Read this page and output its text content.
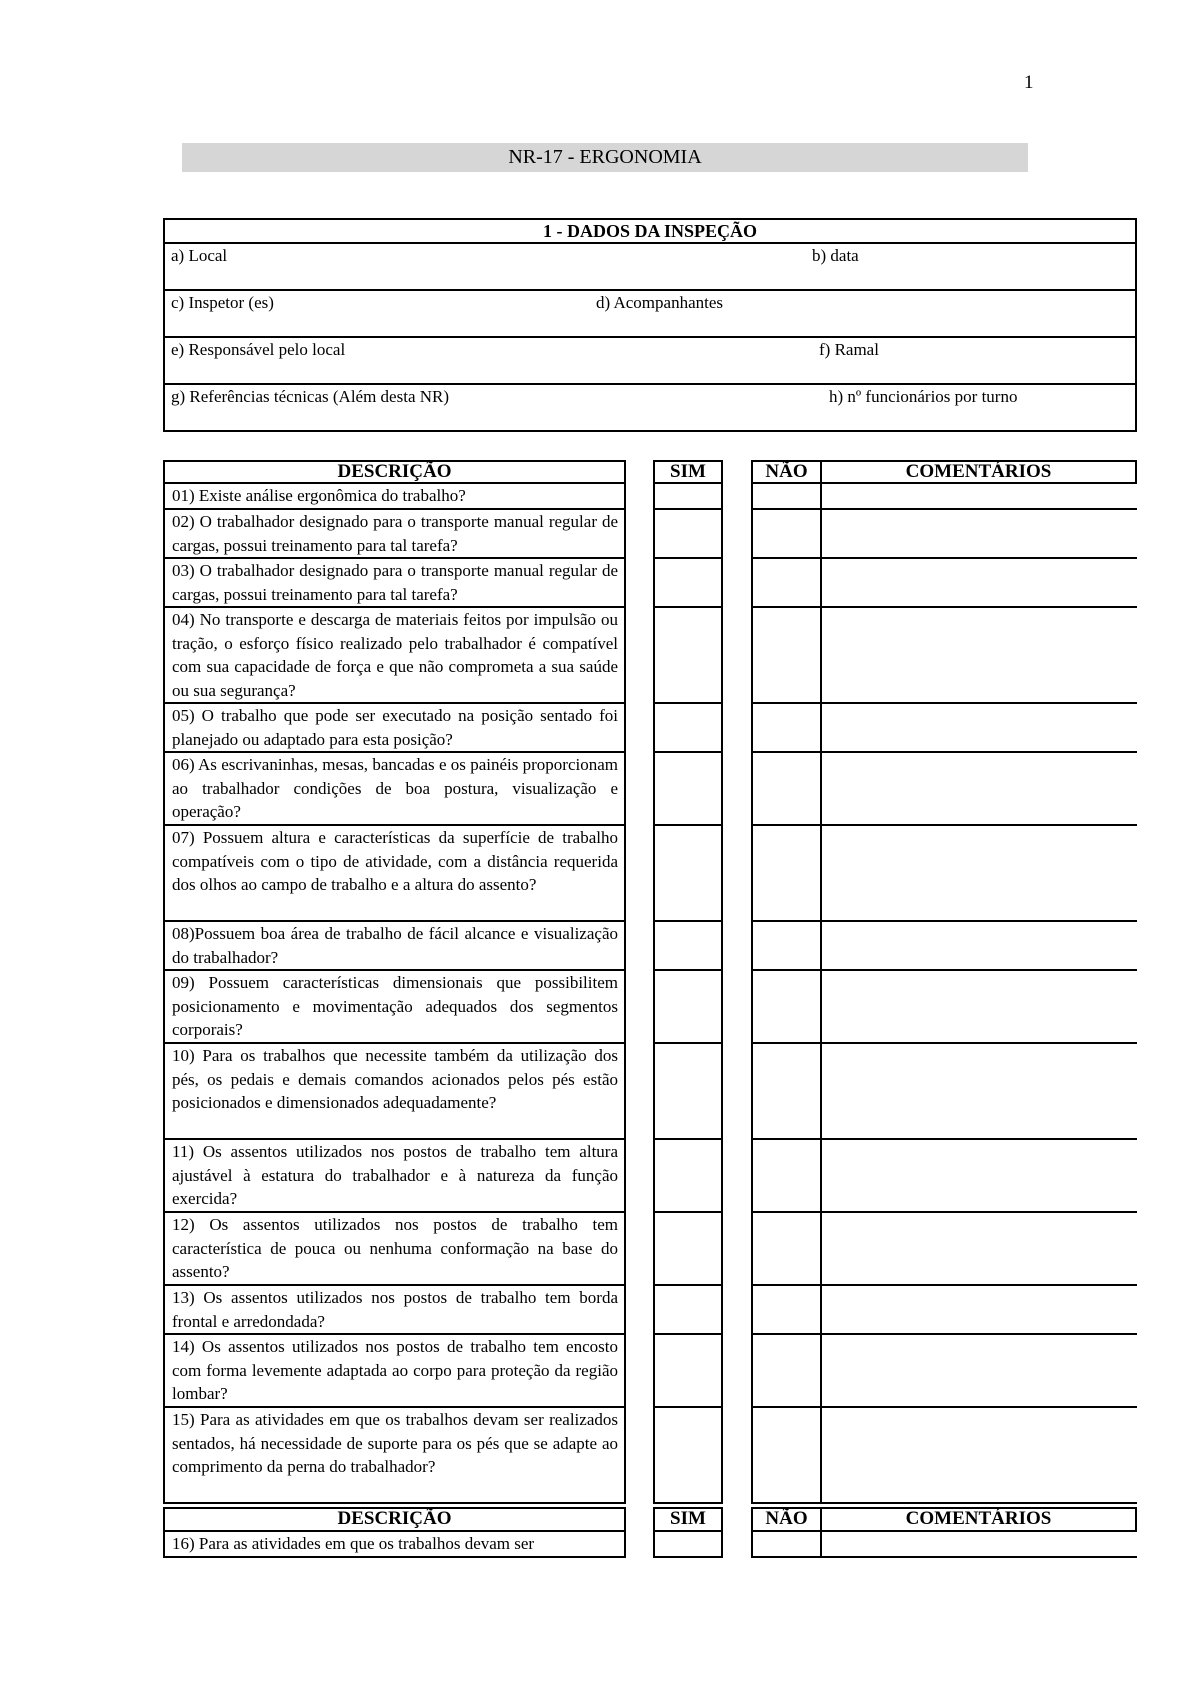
1
NR-17 - ERGONOMIA
1 - DADOS DA INSPEÇÃO
a) Local	b) data
c) Inspetor (es)	d) Acompanhantes
e) Responsável pelo local	f) Ramal
g) Referências técnicas (Além desta NR)	h) nº funcionários por turno
DESCRIÇÃO	SIM	NÃO	COMENTÁRIOS
01) Existe análise ergonômica do trabalho?
02) O trabalhador designado para o transporte manual regular de cargas, possui treinamento para tal tarefa?
03) O trabalhador designado para o transporte manual regular de cargas, possui treinamento para tal tarefa?
04) No transporte e descarga de materiais feitos por impulsão ou tração, o esforço físico realizado pelo trabalhador é compatível com sua capacidade de força e que não comprometa a sua saúde ou sua segurança?
05) O trabalho que pode ser executado na posição sentado foi planejado ou adaptado para esta posição?
06) As escrivaninhas, mesas, bancadas e os painéis proporcionam ao trabalhador condições de boa postura, visualização e operação?
07) Possuem altura e características da superfície de trabalho compatíveis com o tipo de atividade, com a distância requerida dos olhos ao campo de trabalho e a altura do assento?
08)Possuem boa área de trabalho de fácil alcance e visualização do trabalhador?
09) Possuem características dimensionais que possibilitem posicionamento e movimentação adequados dos segmentos corporais?
10) Para os trabalhos que necessite também da utilização dos pés, os pedais e demais comandos acionados pelos pés estão posicionados e dimensionados adequadamente?
11) Os assentos utilizados nos postos de trabalho tem altura ajustável à estatura do trabalhador e à natureza da função exercida?
12) Os assentos utilizados nos postos de trabalho tem característica de pouca ou nenhuma conformação na base do assento?
13) Os assentos utilizados nos postos de trabalho tem borda frontal e arredondada?
14) Os assentos utilizados nos postos de trabalho tem encosto com forma levemente adaptada ao corpo para proteção da região lombar?
15) Para as atividades em que os trabalhos devam ser realizados sentados, há necessidade de suporte para os pés que se adapte ao comprimento da perna do trabalhador?
DESCRIÇÃO	SIM	NÃO	COMENTÁRIOS
16) Para as atividades em que os trabalhos devam ser
